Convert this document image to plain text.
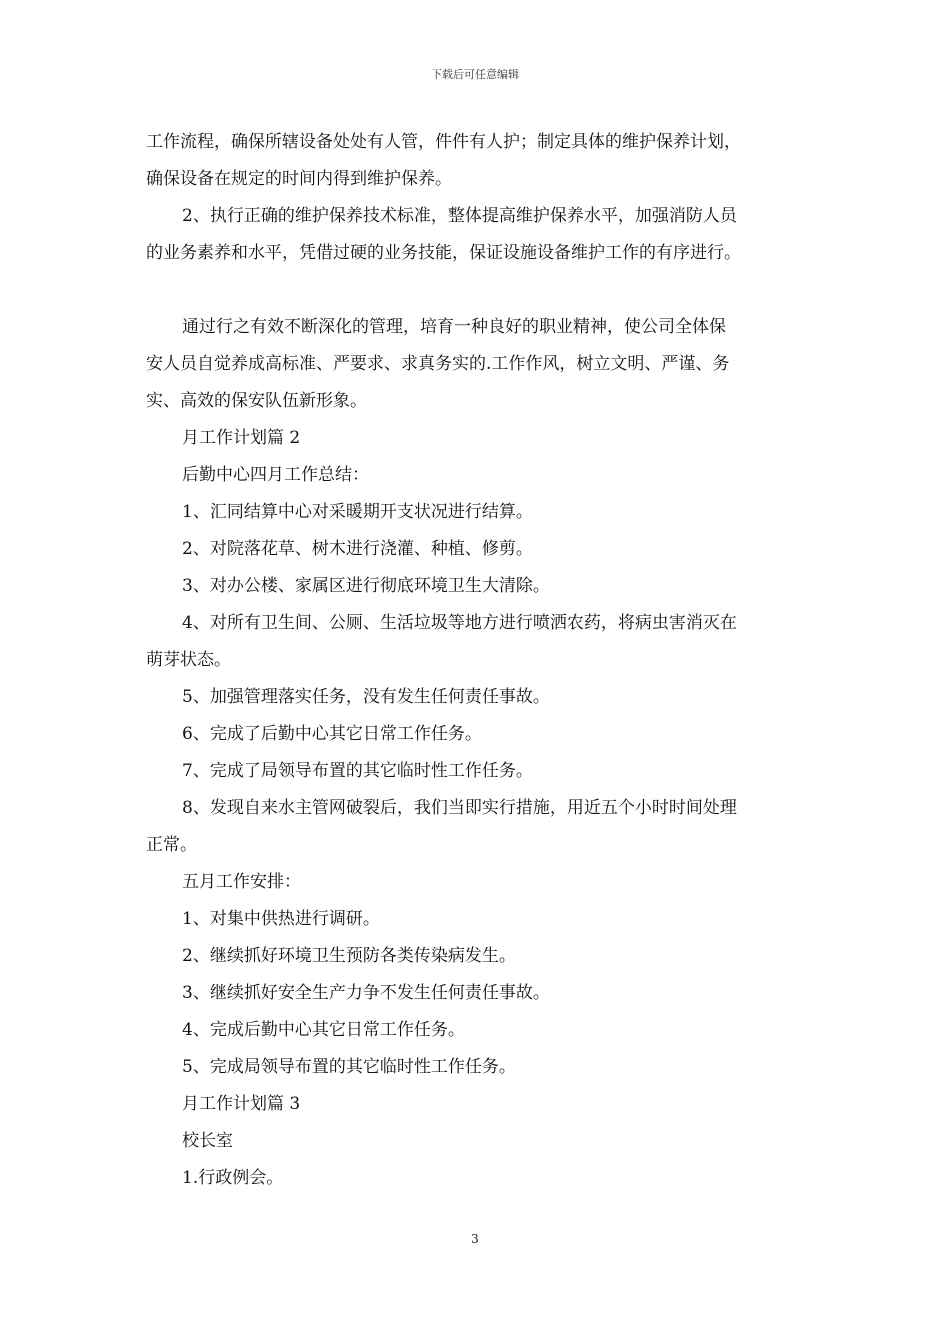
下载后可任意编辑

工作流程，确保所辖设备处处有人管，件件有人护；制定具体的维护保养计划，

确保设备在规定的时间内得到维护保养。

2、执行正确的维护保养技术标准，整体提高维护保养水平，加强消防人员

的业务素养和水平，凭借过硬的业务技能，保证设施设备维护工作的有序进行。

通过行之有效不断深化的管理，培育一种良好的职业精神，使公司全体保

安人员自觉养成高标准、严要求、求真务实的.工作作风，树立文明、严谨、务

实、高效的保安队伍新形象。

月工作计划篇 2

后勤中心四月工作总结：

1、汇同结算中心对采暖期开支状况进行结算。

2、对院落花草、树木进行浇灌、种植、修剪。

3、对办公楼、家属区进行彻底环境卫生大清除。

4、对所有卫生间、公厕、生活垃圾等地方进行喷洒农药，将病虫害消灭在

萌芽状态。

5、加强管理落实任务，没有发生任何责任事故。

6、完成了后勤中心其它日常工作任务。

7、完成了局领导布置的其它临时性工作任务。

8、发现自来水主管网破裂后，我们当即实行措施，用近五个小时时间处理

正常。

五月工作安排：

1、对集中供热进行调研。

2、继续抓好环境卫生预防各类传染病发生。

3、继续抓好安全生产力争不发生任何责任事故。

4、完成后勤中心其它日常工作任务。

5、完成局领导布置的其它临时性工作任务。

月工作计划篇 3

校长室

1.行政例会。

3
